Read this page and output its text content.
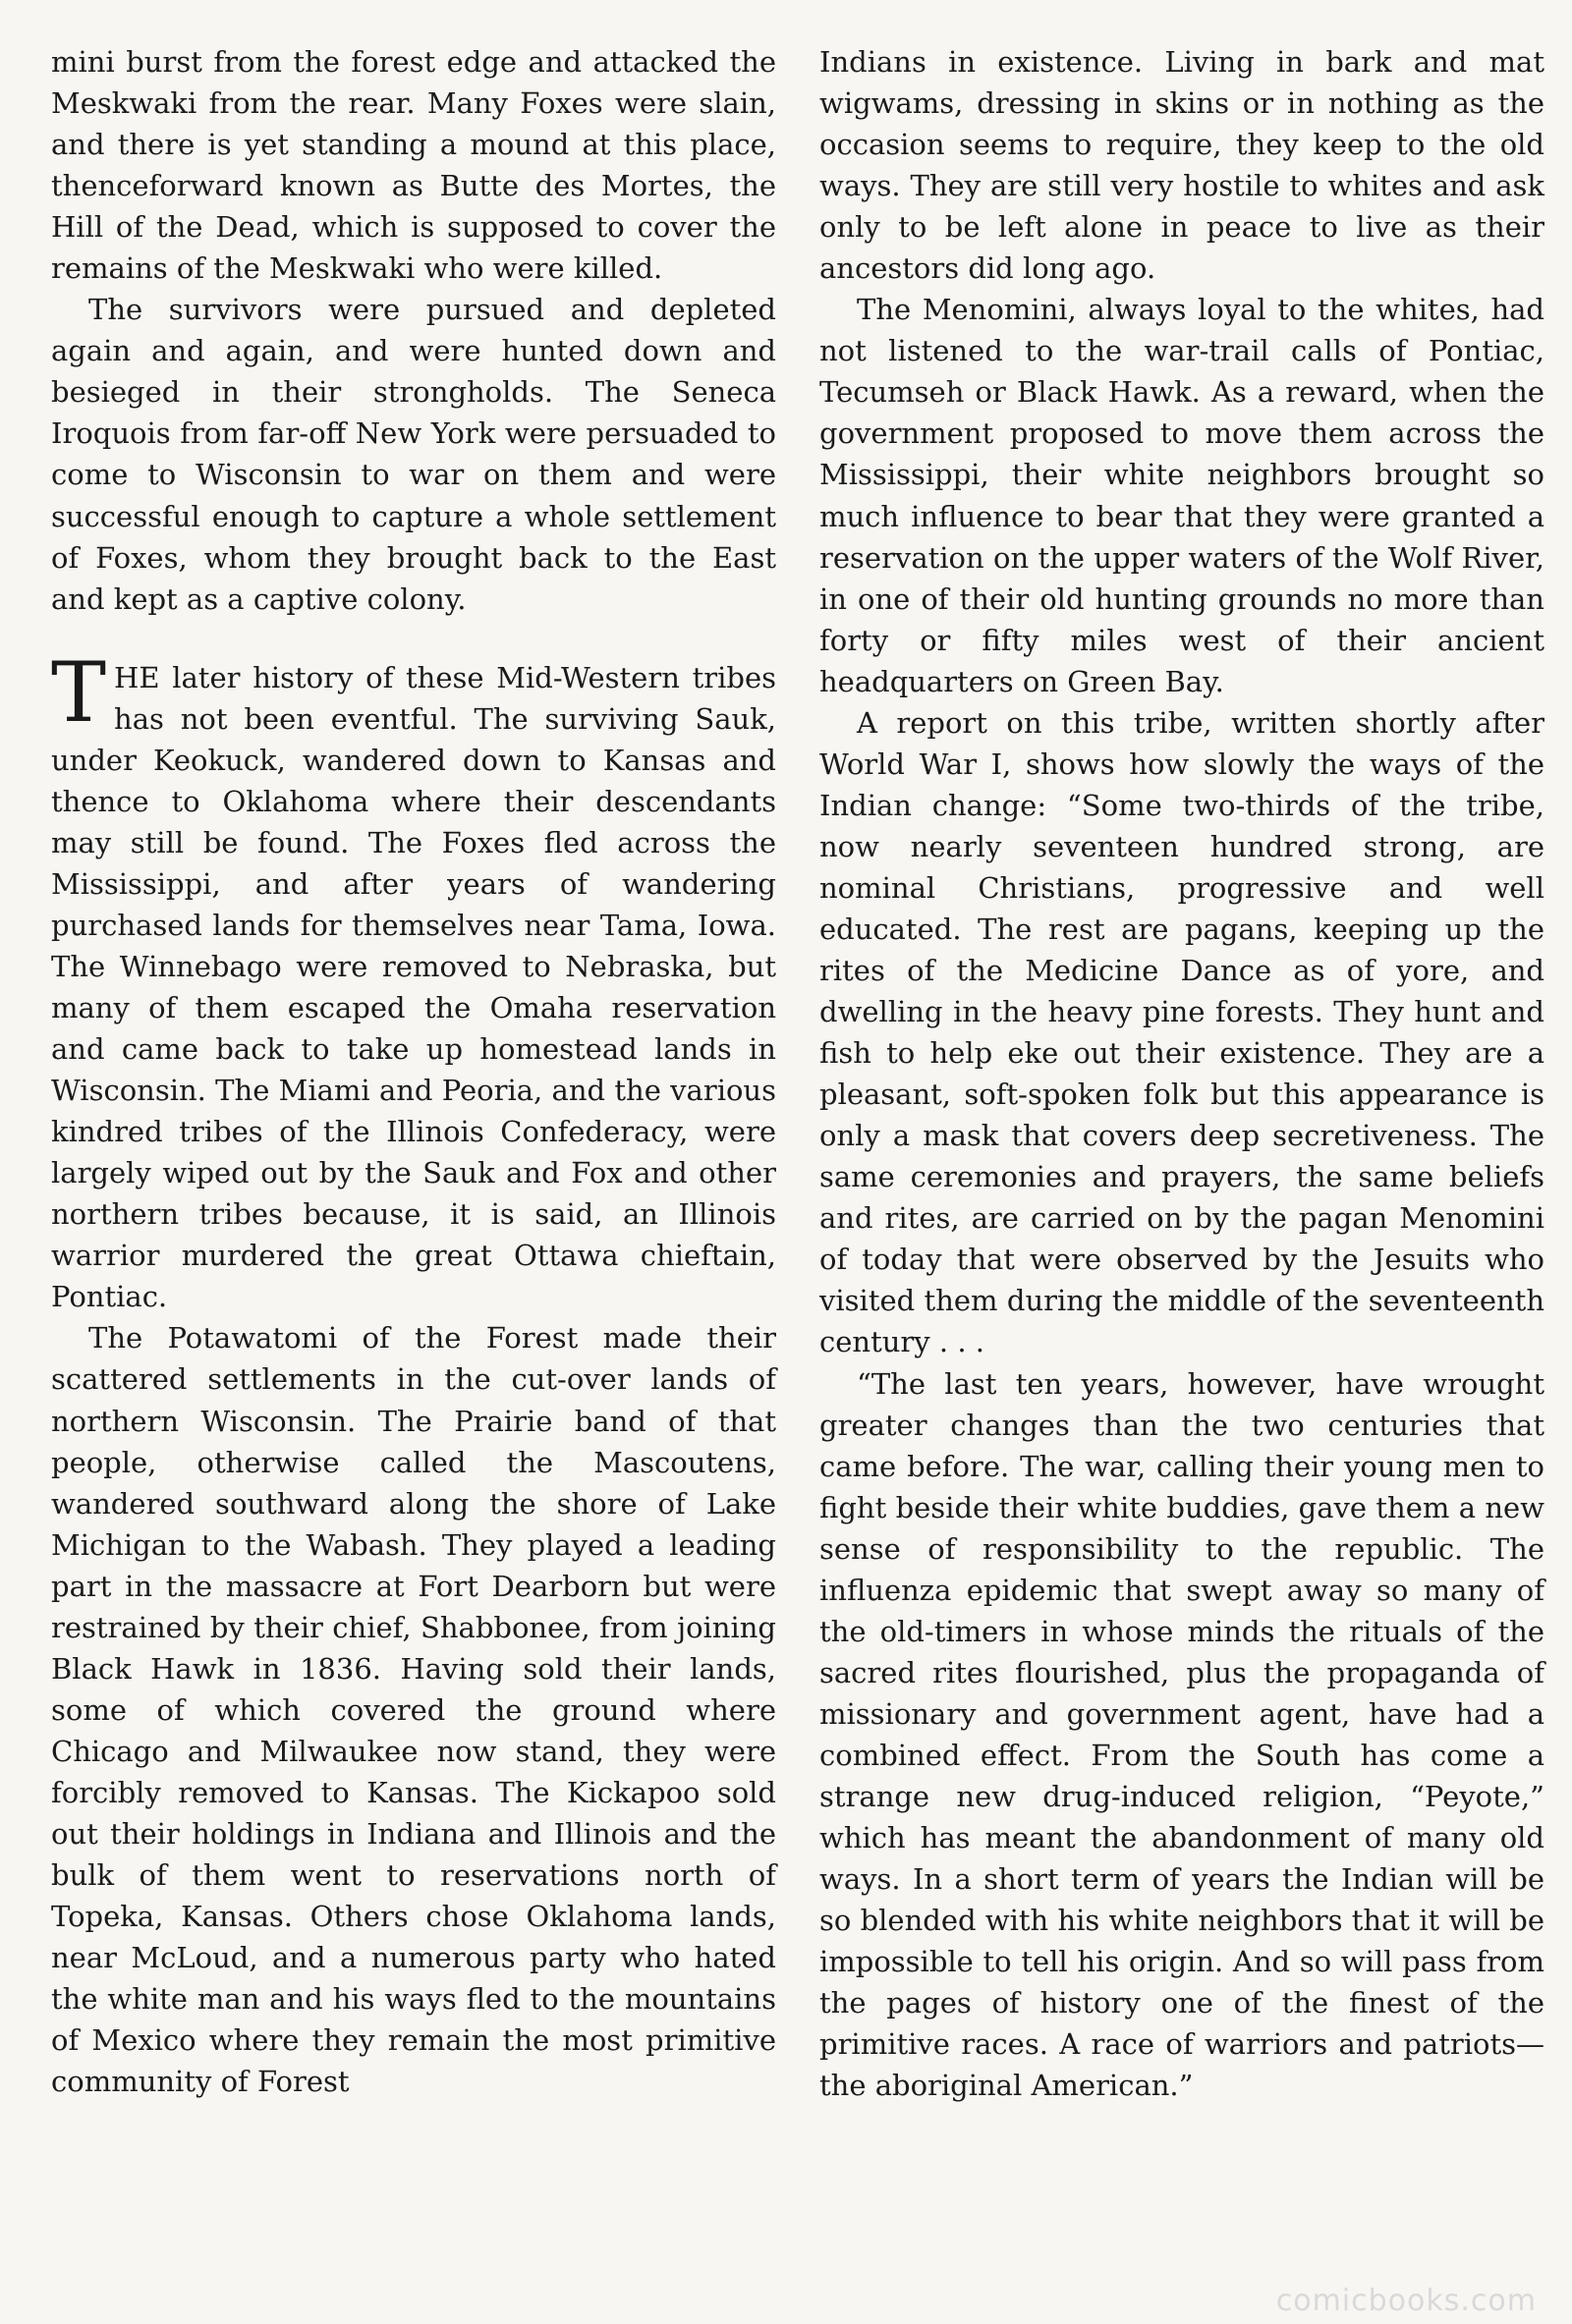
mini burst from the forest edge and attacked the Meskwaki from the rear. Many Foxes were slain, and there is yet standing a mound at this place, thenceforward known as Butte des Mortes, the Hill of the Dead, which is supposed to cover the remains of the Meskwaki who were killed.

The survivors were pursued and depleted again and again, and were hunted down and besieged in their strongholds. The Seneca Iroquois from far-off New York were persuaded to come to Wisconsin to war on them and were successful enough to capture a whole settlement of Foxes, whom they brought back to the East and kept as a captive colony.

THE later history of these Mid-Western tribes has not been eventful. The surviving Sauk, under Keokuck, wandered down to Kansas and thence to Oklahoma where their descendants may still be found. The Foxes fled across the Mississippi, and after years of wandering purchased lands for themselves near Tama, Iowa. The Winnebago were removed to Nebraska, but many of them escaped the Omaha reservation and came back to take up homestead lands in Wisconsin. The Miami and Peoria, and the various kindred tribes of the Illinois Confederacy, were largely wiped out by the Sauk and Fox and other northern tribes because, it is said, an Illinois warrior murdered the great Ottawa chieftain, Pontiac.

The Potawatomi of the Forest made their scattered settlements in the cut-over lands of northern Wisconsin. The Prairie band of that people, otherwise called the Mascoutens, wandered southward along the shore of Lake Michigan to the Wabash. They played a leading part in the massacre at Fort Dearborn but were restrained by their chief, Shabbonee, from joining Black Hawk in 1836. Having sold their lands, some of which covered the ground where Chicago and Milwaukee now stand, they were forcibly removed to Kansas. The Kickapoo sold out their holdings in Indiana and Illinois and the bulk of them went to reservations north of Topeka, Kansas. Others chose Oklahoma lands, near McLoud, and a numerous party who hated the white man and his ways fled to the mountains of Mexico where they remain the most primitive community of Forest

Indians in existence. Living in bark and mat wigwams, dressing in skins or in nothing as the occasion seems to require, they keep to the old ways. They are still very hostile to whites and ask only to be left alone in peace to live as their ancestors did long ago.

The Menomini, always loyal to the whites, had not listened to the war-trail calls of Pontiac, Tecumseh or Black Hawk. As a reward, when the government proposed to move them across the Mississippi, their white neighbors brought so much influence to bear that they were granted a reservation on the upper waters of the Wolf River, in one of their old hunting grounds no more than forty or fifty miles west of their ancient headquarters on Green Bay.

A report on this tribe, written shortly after World War I, shows how slowly the ways of the Indian change: “Some two-thirds of the tribe, now nearly seventeen hundred strong, are nominal Christians, progressive and well educated. The rest are pagans, keeping up the rites of the Medicine Dance as of yore, and dwelling in the heavy pine forests. They hunt and fish to help eke out their existence. They are a pleasant, soft-spoken folk but this appearance is only a mask that covers deep secretiveness. The same ceremonies and prayers, the same beliefs and rites, are carried on by the pagan Menomini of today that were observed by the Jesuits who visited them during the middle of the seventeenth century . . .

“The last ten years, however, have wrought greater changes than the two centuries that came before. The war, calling their young men to fight beside their white buddies, gave them a new sense of responsibility to the republic. The influenza epidemic that swept away so many of the old-timers in whose minds the rituals of the sacred rites flourished, plus the propaganda of missionary and government agent, have had a combined effect. From the South has come a strange new drug-induced religion, “Peyote,” which has meant the abandonment of many old ways. In a short term of years the Indian will be so blended with his white neighbors that it will be impossible to tell his origin. And so will pass from the pages of history one of the finest of the primitive races. A race of warriors and patriots—the aboriginal American.”

comicbooks.com
